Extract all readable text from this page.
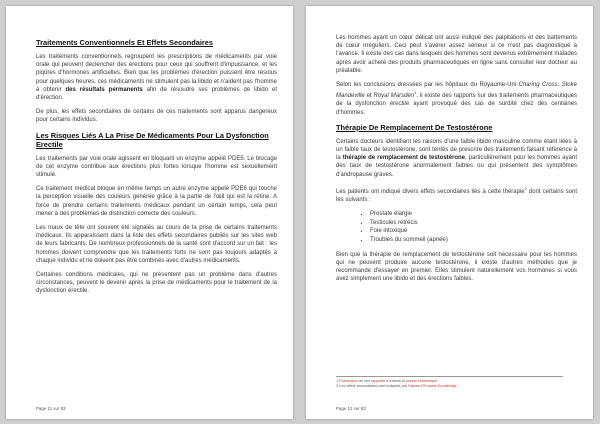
Traitements Conventionnels Et Effets Secondaires

Les traitements conventionnels regroupent les prescriptions de médicaments par voie orale qui peuvent déclencher des érections pour ceux qui souffrent d'impuissance, et les piqûres d'hormones artificielles. Bien que les problèmes d'érection puissent être résolus pour quelques heures, ces médicaments ne stimulent pas la libido et n'aident pas l'homme à obtenir des résultats permanents afin de résoudre ses problèmes de libido et d'érection.

De plus, les effets secondaires de certains de ces traitements sont apparus dangereux pour certains individus.

Les Risques Liés A La Prise De Médicaments Pour La Dysfonction Erectile

Les traitements par voie orale agissent en bloquant un enzyme appelé PDE5. Le blocage de cet enzyme contribue aux érections plus fortes lorsque l'homme est sexuellement stimulé.

Ce traitement médical bloque en même temps un autre enzyme appelé PDE6 qui touche la perception visuelle des couleurs générée grâce à la partie de l'œil qui est la rétine. A force de prendre certains traitements médicaux pendant un certain temps, cela peut mener à des problèmes de distinction correcte des couleurs.

Les maux de tête ont souvent été signalés au cours de la prise de certains traitements médicaux. Ils apparaissent dans la liste des effets secondaires publiés sur les sites web de leurs fabricants. De nombreux professionnels de la santé sont d'accord sur un fait : les hommes doivent comprendre que les traitements forts ne sont pas toujours adaptés à chaque individu et ne doivent pas être combinés avec d'autres médicaments.

Certaines conditions médicales, qui ne présentent pas un problème dans d'autres circonstances, peuvent le devenir après la prise de médicaments pour le traitement de la dysfonction érectile.

Page 11 sur 83

Les hommes ayant un cœur délicat ont aussi indiqué des palpitations et des battements de cœur irréguliers. Ceci peut s'avérer assez sérieux si ce n'est pas diagnostiqué à l'avance. Il existe des cas dans lesquels des hommes sont devenus extrêmement malades après avoir acheté des produits pharmaceutiques en ligne sans consulter leur docteur au préalable.

Selon les conclusions dressées par les hôpitaux du Royaume-Uni Charing Cross, Stoke Mandeville et Royal Marsden$^1$, il existe des rapports sur des traitements pharmaceutiques de la dysfonction érectile ayant provoqué des cas de surdité chez des centaines d'hommes.

Thérapie De Remplacement De Testostérone

Certains docteurs identifiant les raisons d'une faible libido masculine comme étant liées à un faible taux de testostérone, sont tentés de prescrire des traitements faisant référence à la thérapie de remplacement de testostérone, particulièrement pour les hommes ayant des taux de testostérone anormalement faibles ou qui présentent des symptômes d'andropause graves.

Les patients ont indiqué divers effets secondaires liés à cette thérapie$^2$ dont certains sont les suivants :

▪ Prostate élargie
▪ Testicules rétrécis
▪ Foie intoxiqué
▪ Troubles du sommeil (apnée)

Bien que la thérapie de remplacement de testostérone soit nécessaire pour les hommes qui ne peuvent produire aucune testostérone, il existe d'autres méthodes que je recommande d'essayer en premier. Elles stimulent naturellement vos hormones si vous avez simplement une libido et des érections faibles.

1 Publication de ces rapports à travers la presse britannique
2 Les effets secondaires sont indiqués par Harvard Prostate Knowledge
Page 12 sur 83
